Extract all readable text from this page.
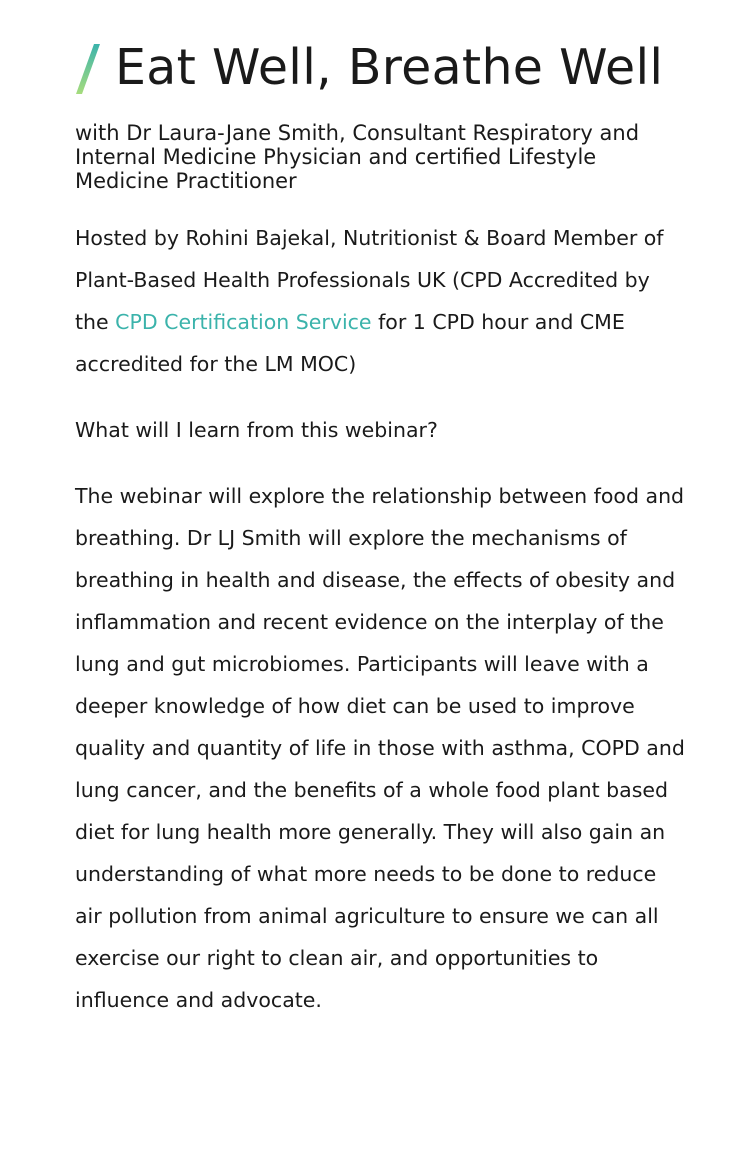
Eat Well, Breathe Well

with Dr Laura-Jane Smith, Consultant Respiratory and Internal Medicine Physician and certified Lifestyle Medicine Practitioner

Hosted by Rohini Bajekal, Nutritionist & Board Member of Plant-Based Health Professionals UK (CPD Accredited by the CPD Certification Service for 1 CPD hour and CME accredited for the LM MOC)

What will I learn from this webinar?

The webinar will explore the relationship between food and breathing. Dr LJ Smith will explore the mechanisms of breathing in health and disease, the effects of obesity and inflammation and recent evidence on the interplay of the lung and gut microbiomes. Participants will leave with a deeper knowledge of how diet can be used to improve quality and quantity of life in those with asthma, COPD and lung cancer, and the benefits of a whole food plant based diet for lung health more generally. They will also gain an understanding of what more needs to be done to reduce air pollution from animal agriculture to ensure we can all exercise our right to clean air, and opportunities to influence and advocate.
